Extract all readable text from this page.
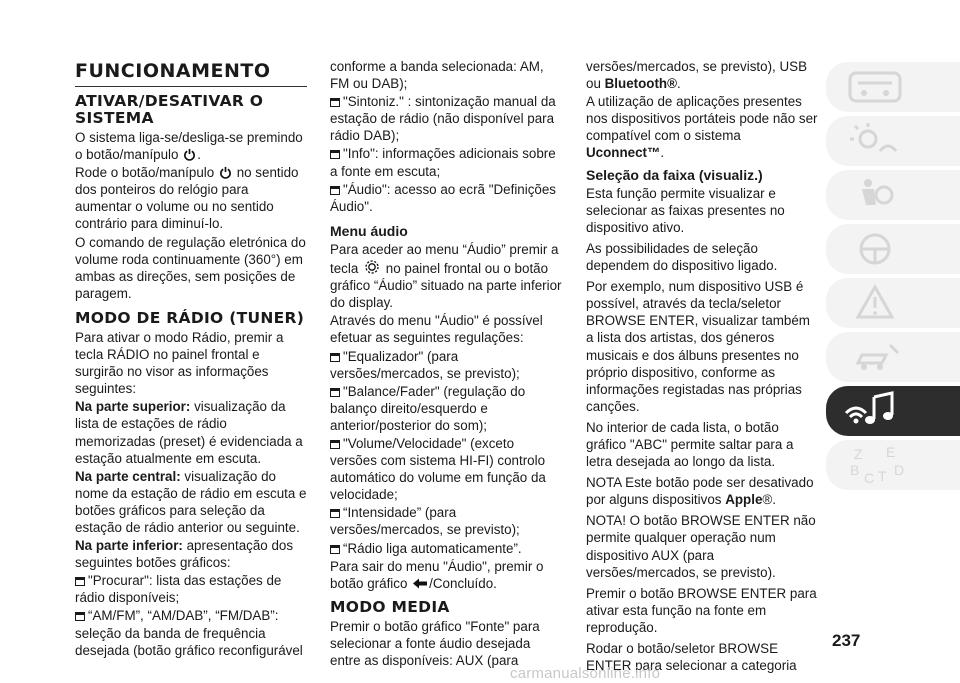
FUNCIONAMENTO
ATIVAR/DESATIVAR O SISTEMA

O sistema liga-se/desliga-se premindo o botão/manípulo .

Rode o botão/manípulo no sentido dos ponteiros do relógio para aumentar o volume ou no sentido contrário para diminuí-lo.

O comando de regulação eletrónica do volume roda continuamente (360°) em ambas as direções, sem posições de paragem.

MODO DE RÁDIO (TUNER)

Para ativar o modo Rádio, premir a tecla RÁDIO no painel frontal e surgirão no visor as informações seguintes:

Na parte superior: visualização da lista de estações de rádio memorizadas (preset) é evidenciada a estação atualmente em escuta.

Na parte central: visualização do nome da estação de rádio em escuta e botões gráficos para seleção da estação de rádio anterior ou seguinte.

Na parte inferior: apresentação dos seguintes botões gráficos:

"Procurar": lista das estações de rádio disponíveis;

“AM/FM”, “AM/DAB”, “FM/DAB”: seleção da banda de frequência desejada (botão gráfico reconfigurável

conforme a banda selecionada: AM, FM ou DAB);

"Sintoniz." : sintonização manual da estação de rádio (não disponível para rádio DAB);

"Info": informações adicionais sobre a fonte em escuta;

"Áudio": acesso ao ecrã "Definições Áudio".

Menu áudio

Para aceder ao menu “Áudio” premir a tecla no painel frontal ou o botão gráfico “Áudio” situado na parte inferior do display.

Através do menu "Áudio" é possível efetuar as seguintes regulações:

"Equalizador" (para versões/mercados, se previsto);

"Balance/Fader" (regulação do balanço direito/esquerdo e anterior/posterior do som);

"Volume/Velocidade" (exceto versões com sistema HI-FI) controlo automático do volume em função da velocidade;

“Intensidade” (para versões/mercados, se previsto);

“Rádio liga automaticamente”.

Para sair do menu "Áudio", premir o botão gráfico /Concluído.

MODO MEDIA

Premir o botão gráfico "Fonte" para selecionar a fonte áudio desejada entre as disponíveis: AUX (para

versões/mercados, se previsto), USB ou Bluetooth®.

A utilização de aplicações presentes nos dispositivos portáteis pode não ser compatível com o sistema Uconnect™.

Seleção da faixa (visualiz.)

Esta função permite visualizar e selecionar as faixas presentes no dispositivo ativo.

As possibilidades de seleção dependem do dispositivo ligado.

Por exemplo, num dispositivo USB é possível, através da tecla/seletor BROWSE ENTER, visualizar também a lista dos artistas, dos géneros musicais e dos álbuns presentes no próprio dispositivo, conforme as informações registadas nas próprias canções.

No interior de cada lista, o botão gráfico "ABC" permite saltar para a letra desejada ao longo da lista.

NOTA Este botão pode ser desativado por alguns dispositivos Apple®.

NOTA! O botão BROWSE ENTER não permite qualquer operação num dispositivo AUX (para versões/mercados, se previsto).

Premir o botão BROWSE ENTER para ativar esta função na fonte em reprodução.

Rodar o botão/seletor BROWSE ENTER para selecionar a categoria

Z E
B C T D
237
carmanualsonline.info
